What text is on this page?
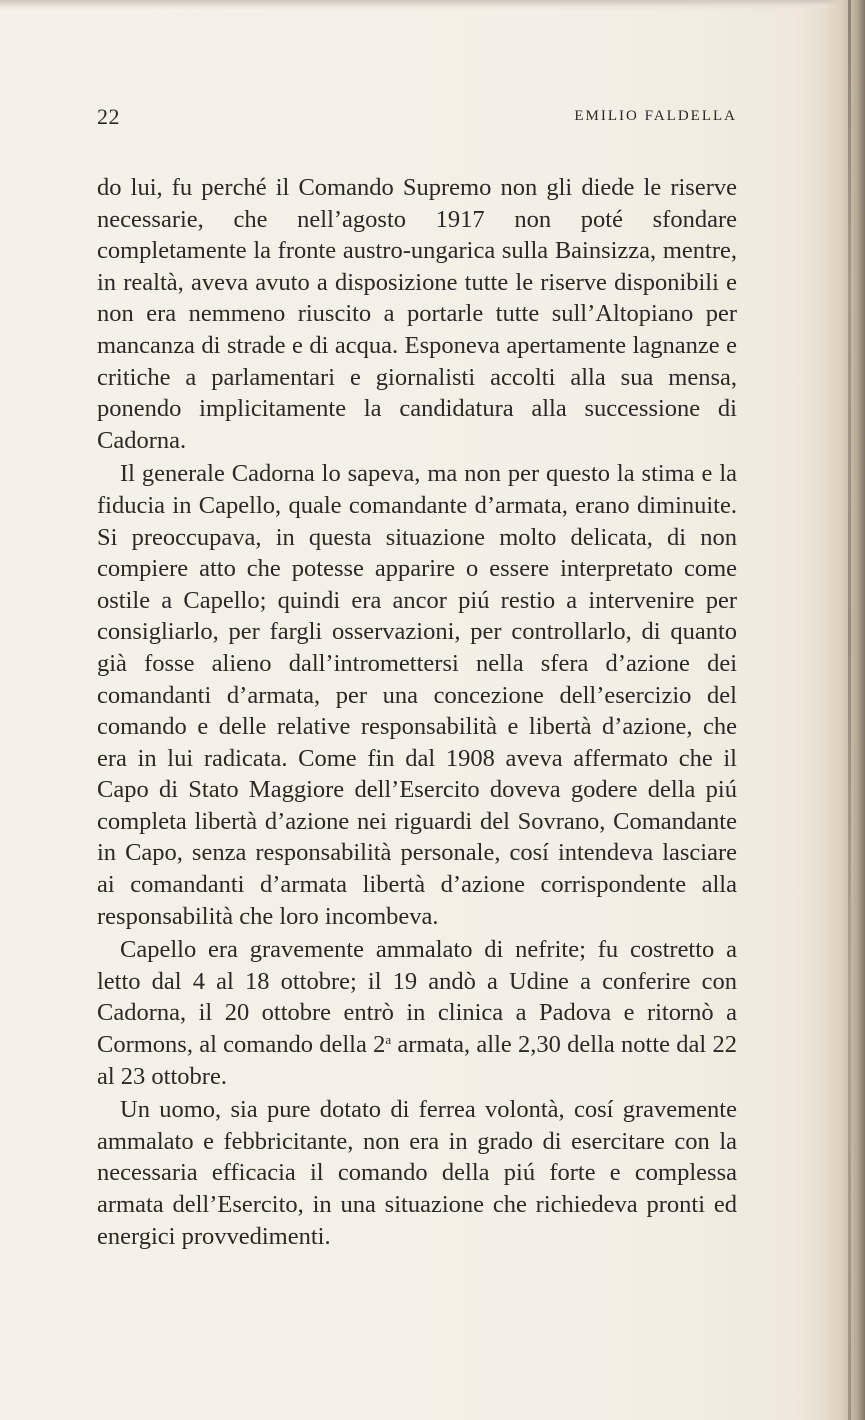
22	EMILIO FALDELLA

do lui, fu perché il Comando Supremo non gli diede le riserve necessarie, che nell’agosto 1917 non poté sfondare completamente la fronte austro-ungarica sulla Bainsizza, mentre, in realtà, aveva avuto a disposizione tutte le riserve disponibili e non era nemmeno riuscito a portarle tutte sull’Altopiano per mancanza di strade e di acqua. Esponeva apertamente lagnanze e critiche a parlamentari e giornalisti accolti alla sua mensa, ponendo implicitamente la candidatura alla successione di Cadorna.

Il generale Cadorna lo sapeva, ma non per questo la stima e la fiducia in Capello, quale comandante d’armata, erano diminuite. Si preoccupava, in questa situazione molto delicata, di non compiere atto che potesse apparire o essere interpretato come ostile a Capello; quindi era ancor piú restio a intervenire per consigliarlo, per fargli osservazioni, per controllarlo, di quanto già fosse alieno dall’intromettersi nella sfera d’azione dei comandanti d’armata, per una concezione dell’esercizio del comando e delle relative responsabilità e libertà d’azione, che era in lui radicata. Come fin dal 1908 aveva affermato che il Capo di Stato Maggiore dell’Esercito doveva godere della piú completa libertà d’azione nei riguardi del Sovrano, Comandante in Capo, senza responsabilità personale, cosí intendeva lasciare ai comandanti d’armata libertà d’azione corrispondente alla responsabilità che loro incombeva.

Capello era gravemente ammalato di nefrite; fu costretto a letto dal 4 al 18 ottobre; il 19 andò a Udine a conferire con Cadorna, il 20 ottobre entrò in clinica a Padova e ritornò a Cormons, al comando della 2$^a$ armata, alle 2,30 della notte dal 22 al 23 ottobre.

Un uomo, sia pure dotato di ferrea volontà, cosí gravemente ammalato e febbricitante, non era in grado di esercitare con la necessaria efficacia il comando della piú forte e complessa armata dell’Esercito, in una situazione che richiedeva pronti ed energici provvedimenti.
